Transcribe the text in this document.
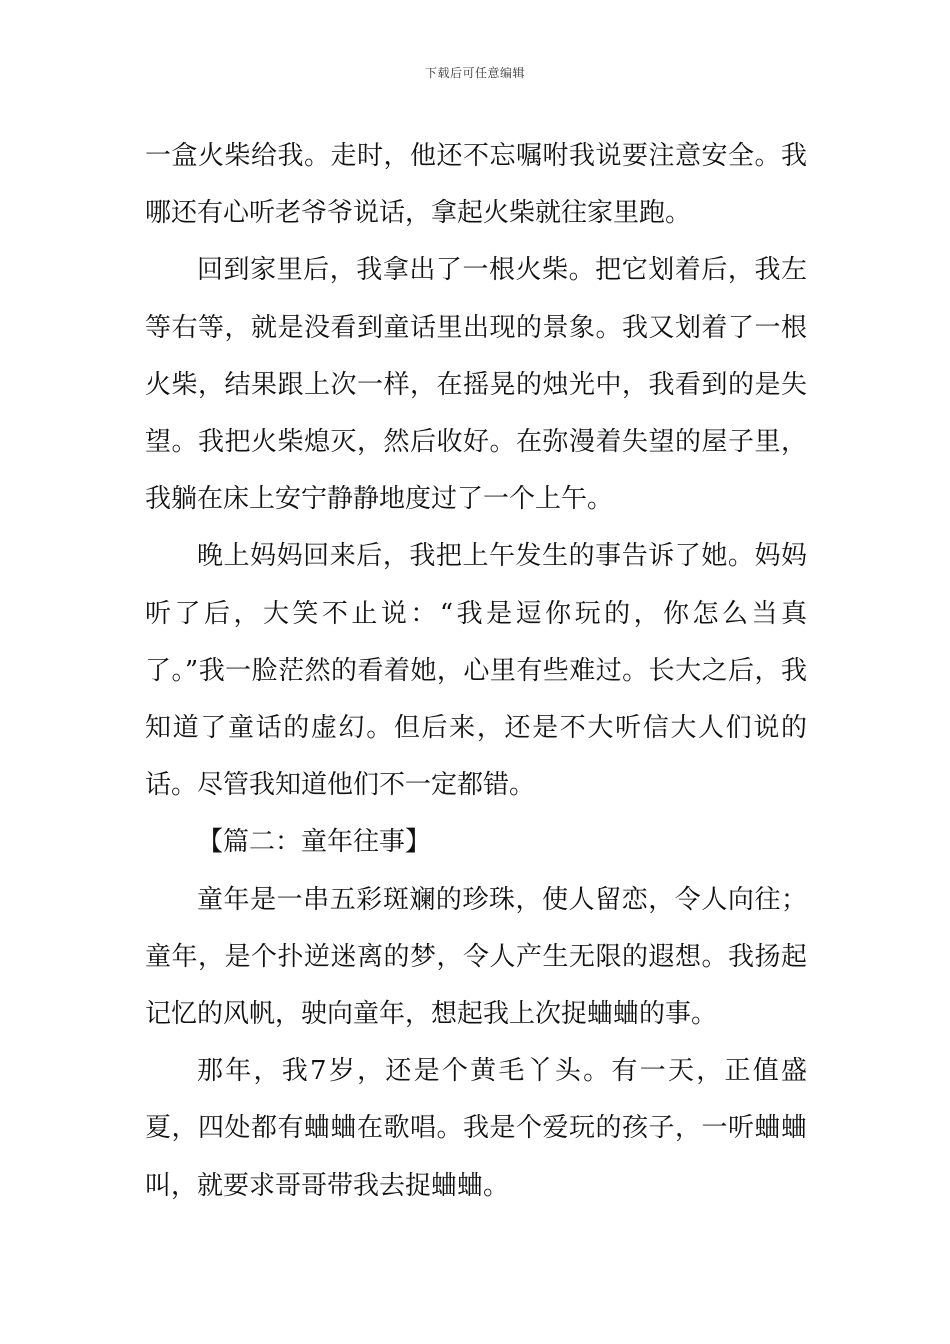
下载后可任意编辑

一盒火柴给我。走时，他还不忘嘱咐我说要注意安全。我哪还有心听老爷爷说话，拿起火柴就往家里跑。

回到家里后，我拿出了一根火柴。把它划着后，我左等右等，就是没看到童话里出现的景象。我又划着了一根火柴，结果跟上次一样，在摇晃的烛光中，我看到的是失望。我把火柴熄灭，然后收好。在弥漫着失望的屋子里，我躺在床上安宁静静地度过了一个上午。

晚上妈妈回来后，我把上午发生的事告诉了她。妈妈听了后，大笑不止说：“我是逗你玩的，你怎么当真了。”我一脸茫然的看着她，心里有些难过。长大之后，我知道了童话的虚幻。但后来，还是不大听信大人们说的话。尽管我知道他们不一定都错。

【篇二：童年往事】

童年是一串五彩斑斓的珍珠，使人留恋，令人向往；童年，是个扑逆迷离的梦，令人产生无限的遐想。我扬起记忆的风帆，驶向童年，想起我上次捉蛐蛐的事。

那年，我7岁，还是个黄毛丫头。有一天，正值盛夏，四处都有蛐蛐在歌唱。我是个爱玩的孩子，一听蛐蛐叫，就要求哥哥带我去捉蛐蛐。
